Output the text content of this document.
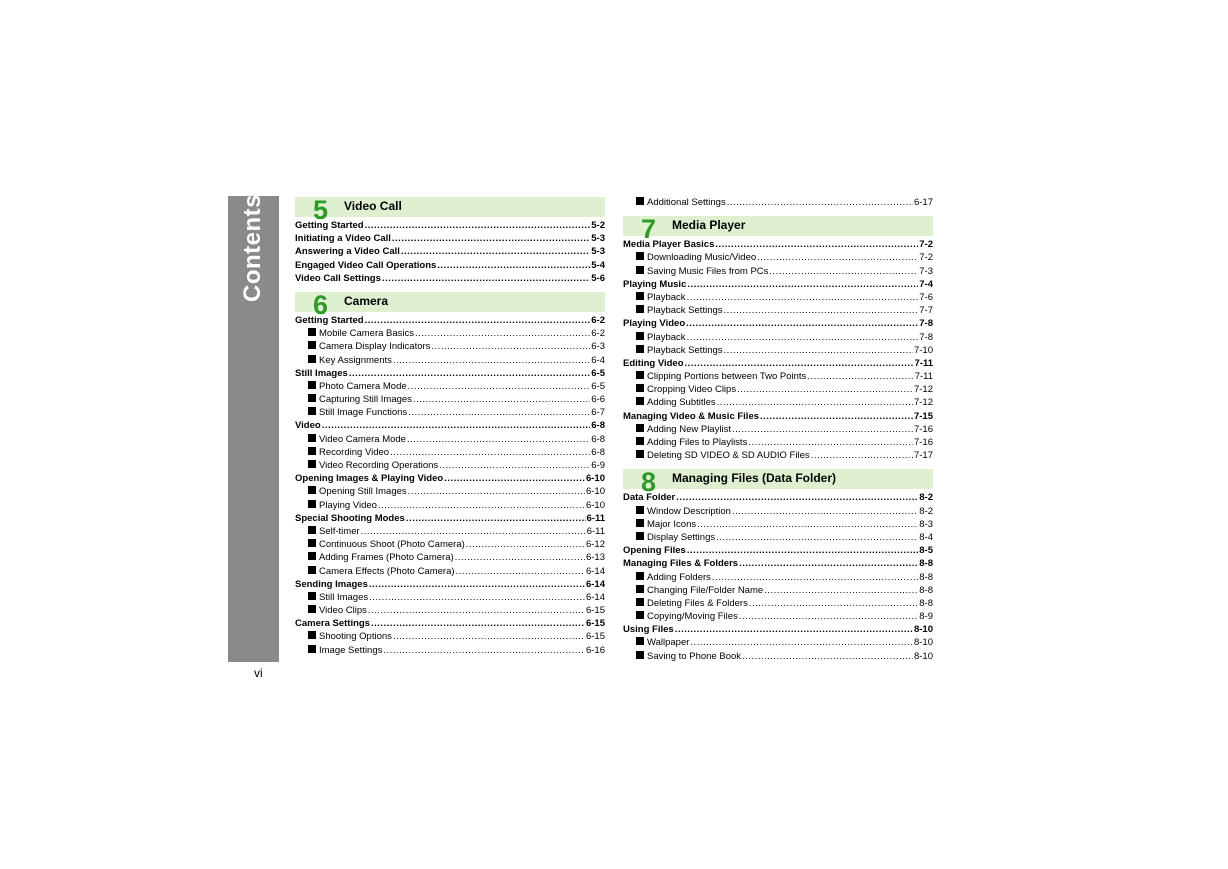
Contents
vi
5 Video Call
Getting Started .....	5-2
Initiating a Video Call .....	5-3
Answering a Video Call .....	5-3
Engaged Video Call Operations .....	5-4
Video Call Settings .....	5-6
6 Camera
Getting Started .....	6-2
Mobile Camera Basics .....	6-2
Camera Display Indicators .....	6-3
Key Assignments .....	6-4
Still Images .....	6-5
Photo Camera Mode .....	6-5
Capturing Still Images .....	6-6
Still Image Functions .....	6-7
Video .....	6-8
Video Camera Mode .....	6-8
Recording Video .....	6-8
Video Recording Operations .....	6-9
Opening Images & Playing Video .....	6-10
Opening Still Images .....	6-10
Playing Video .....	6-10
Special Shooting Modes .....	6-11
Self-timer .....	6-11
Continuous Shoot (Photo Camera) .....	6-12
Adding Frames (Photo Camera) .....	6-13
Camera Effects (Photo Camera) .....	6-14
Sending Images .....	6-14
Still Images .....	6-14
Video Clips .....	6-15
Camera Settings .....	6-15
Shooting Options .....	6-15
Image Settings .....	6-16
Additional Settings .....	6-17
7 Media Player
Media Player Basics .....	7-2
Downloading Music/Video .....	7-2
Saving Music Files from PCs .....	7-3
Playing Music .....	7-4
Playback .....	7-6
Playback Settings .....	7-7
Playing Video .....	7-8
Playback .....	7-8
Playback Settings .....	7-10
Editing Video .....	7-11
Clipping Portions between Two Points .....	7-11
Cropping Video Clips .....	7-12
Adding Subtitles .....	7-12
Managing Video & Music Files .....	7-15
Adding New Playlist .....	7-16
Adding Files to Playlists .....	7-16
Deleting SD VIDEO & SD AUDIO Files .....	7-17
8 Managing Files (Data Folder)
Data Folder .....	8-2
Window Description .....	8-2
Major Icons .....	8-3
Display Settings .....	8-4
Opening Files .....	8-5
Managing Files & Folders .....	8-8
Adding Folders .....	8-8
Changing File/Folder Name .....	8-8
Deleting Files & Folders .....	8-8
Copying/Moving Files .....	8-9
Using Files .....	8-10
Wallpaper .....	8-10
Saving to Phone Book .....	8-10
